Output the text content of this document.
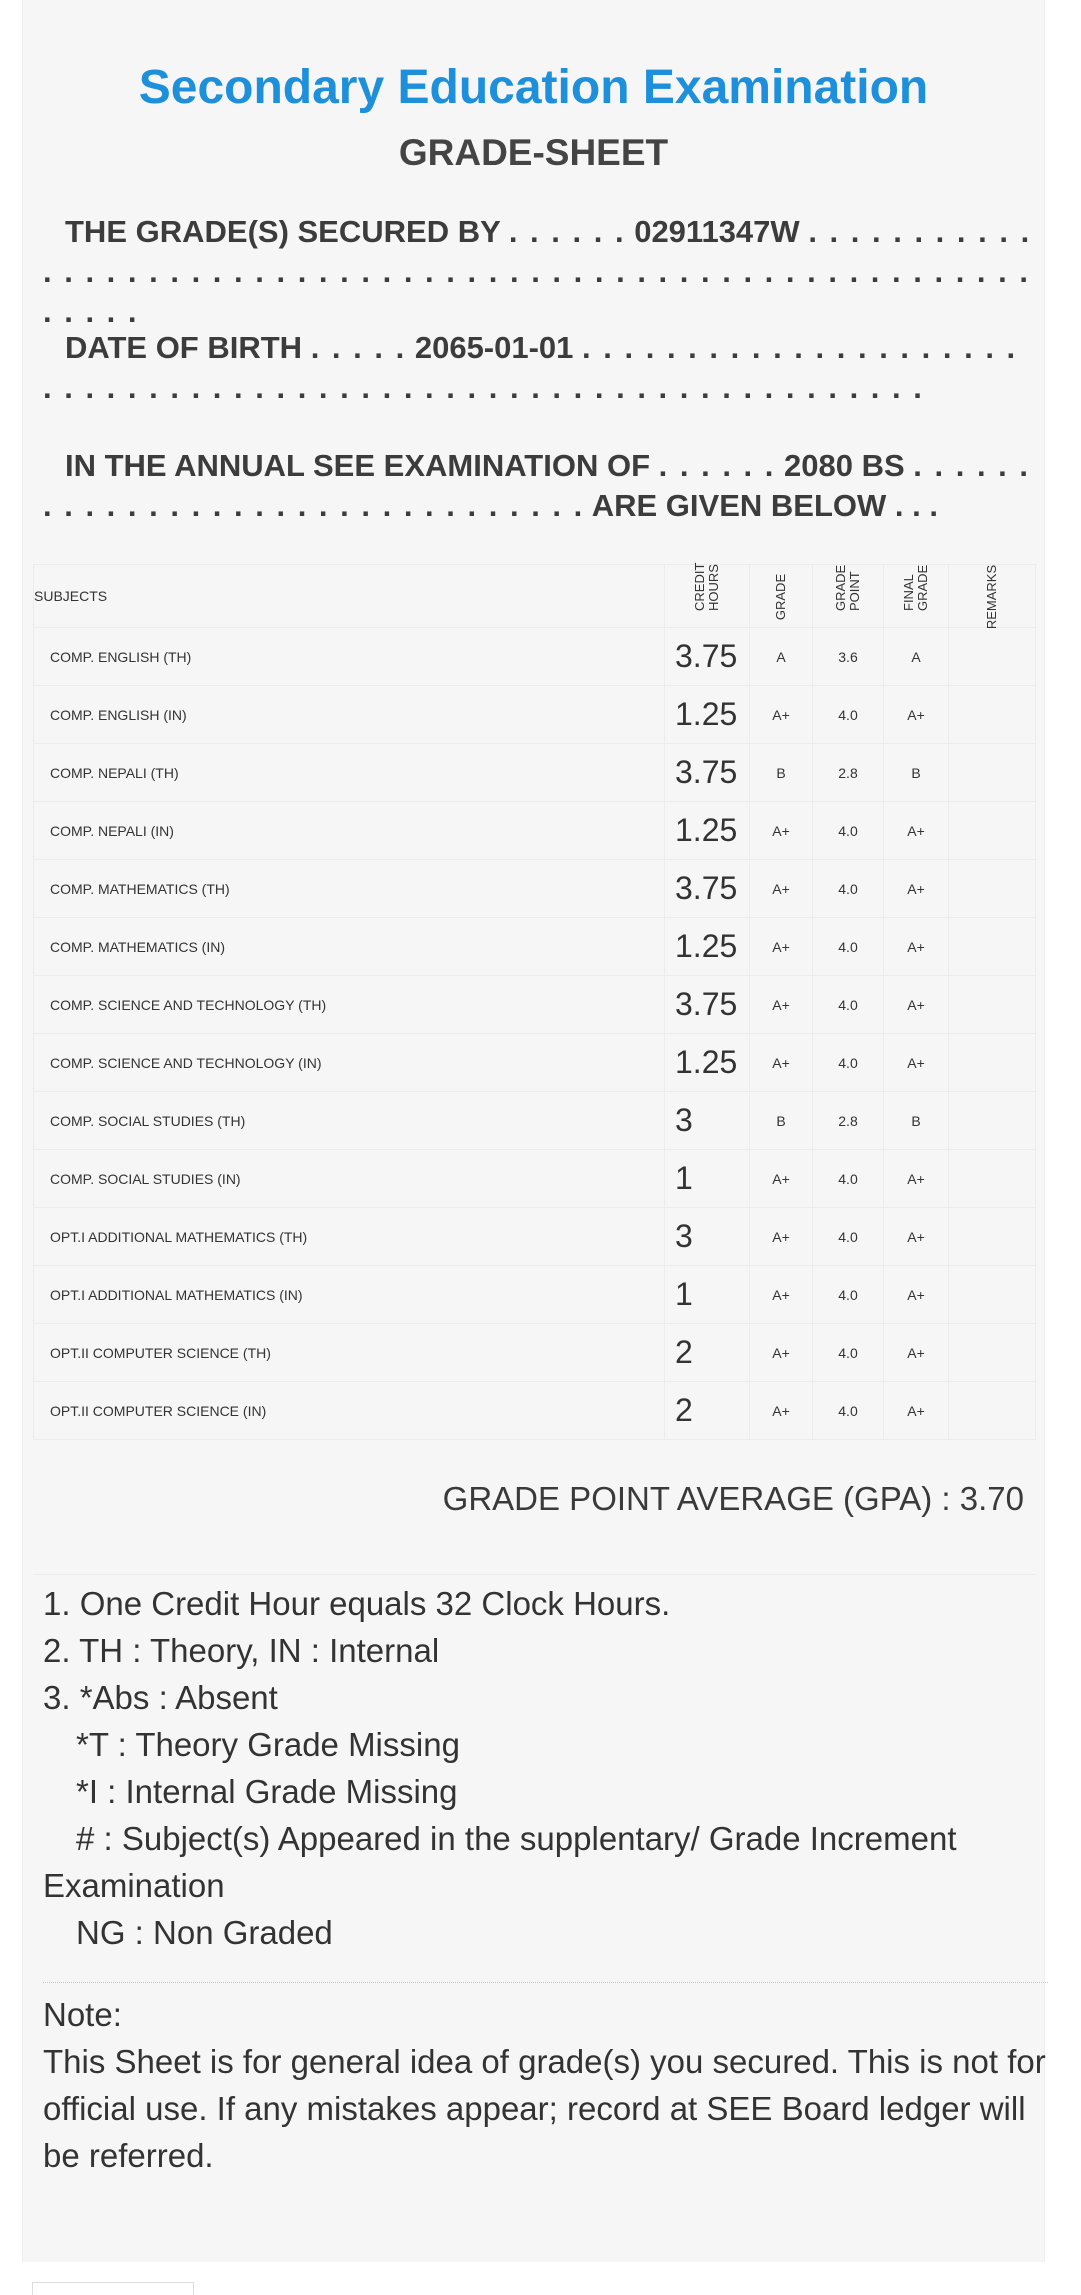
Secondary Education Examination
GRADE-SHEET
THE GRADE(S) SECURED BY . . . . . . 02911347W . . . . . . . . . . . . . . . . . . . . . . . . . . . . . . . . . . . . . . . . . . . . . . . . . . . . . . . . . . . . . . .
DATE OF BIRTH . . . . . 2065-01-01 . . . . . . . . . . . . . . . . . . . . . . . . . . . . . . . . . . . . . . . . . . . . . . . . . . . . . . . . . . . . . . .
IN THE ANNUAL SEE EXAMINATION OF . . . . . . 2080 BS . . . . . . . . . . . . . . . . . . . . . . . . . . . . . . . . ARE GIVEN BELOW . . .
SUBJECTS	CREDIT HOURS	GRADE	GRADE POINT	FINAL GRADE	REMARKS
COMP. ENGLISH (TH)	3.75	A	3.6	A	
COMP. ENGLISH (IN)	1.25	A+	4.0	A+	
COMP. NEPALI (TH)	3.75	B	2.8	B	
COMP. NEPALI (IN)	1.25	A+	4.0	A+	
COMP. MATHEMATICS (TH)	3.75	A+	4.0	A+	
COMP. MATHEMATICS (IN)	1.25	A+	4.0	A+	
COMP. SCIENCE AND TECHNOLOGY (TH)	3.75	A+	4.0	A+	
COMP. SCIENCE AND TECHNOLOGY (IN)	1.25	A+	4.0	A+	
COMP. SOCIAL STUDIES (TH)	3	B	2.8	B	
COMP. SOCIAL STUDIES (IN)	1	A+	4.0	A+	
OPT.I ADDITIONAL MATHEMATICS (TH)	3	A+	4.0	A+	
OPT.I ADDITIONAL MATHEMATICS (IN)	1	A+	4.0	A+	
OPT.II COMPUTER SCIENCE (TH)	2	A+	4.0	A+	
OPT.II COMPUTER SCIENCE (IN)	2	A+	4.0	A+	
GRADE POINT AVERAGE (GPA) : 3.70
1. One Credit Hour equals 32 Clock Hours.
2. TH : Theory, IN : Internal
3. *Abs : Absent
*T : Theory Grade Missing
*I : Internal Grade Missing
# : Subject(s) Appeared in the supplentary/ Grade Increment
Examination
NG : Non Graded
Note:
This Sheet is for general idea of grade(s) you secured. This is not for official use. If any mistakes appear; record at SEE Board ledger will be referred.
